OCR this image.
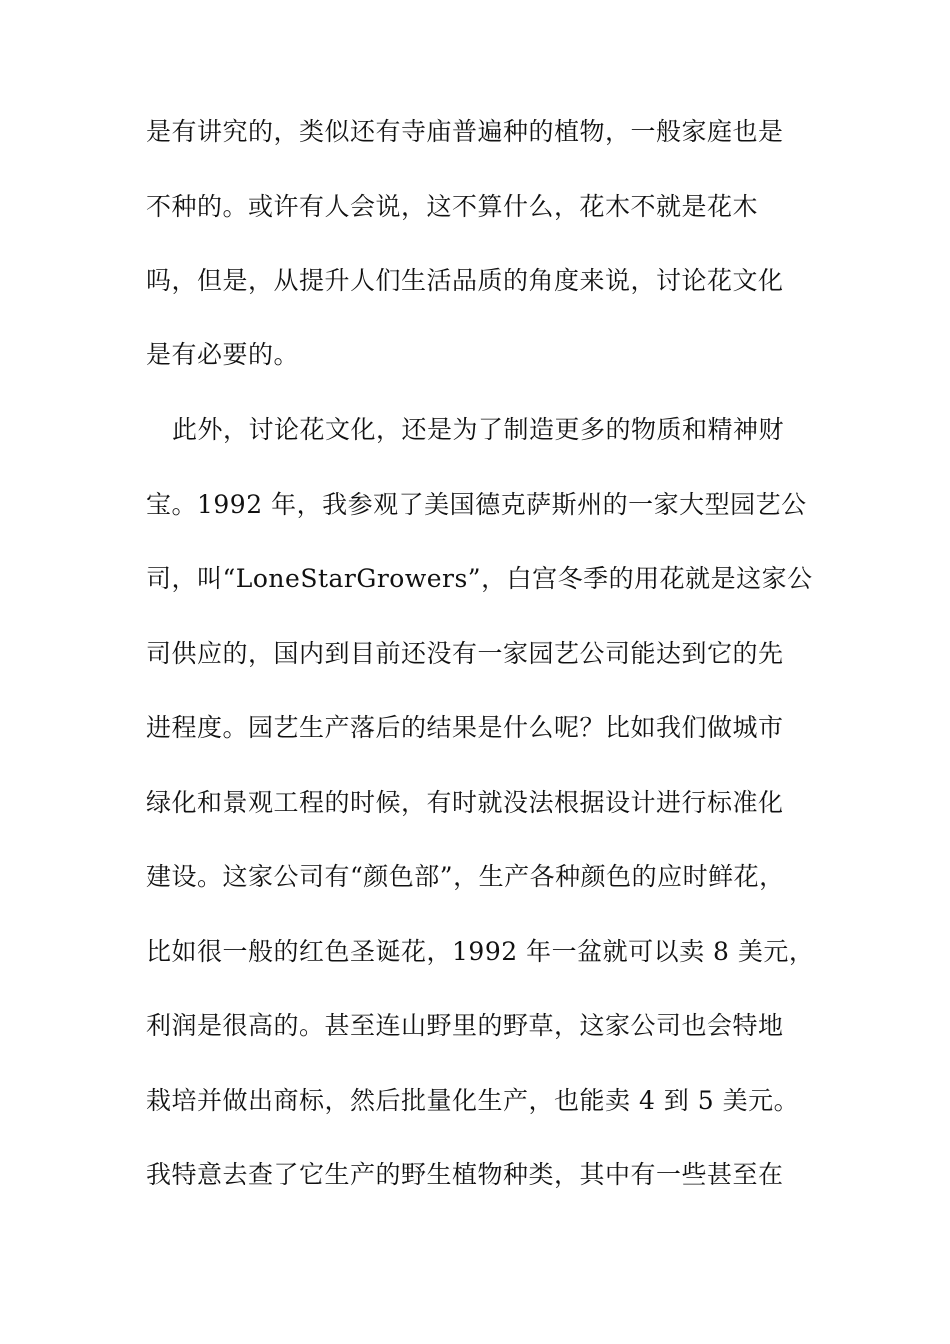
是有讲究的，类似还有寺庙普遍种的植物，一般家庭也是
不种的。或许有人会说，这不算什么，花木不就是花木
吗，但是，从提升人们生活品质的角度来说，讨论花文化
是有必要的。
此外，讨论花文化，还是为了制造更多的物质和精神财
宝。1992 年，我参观了美国德克萨斯州的一家大型园艺公
司，叫“LoneStarGrowers”，白宫冬季的用花就是这家公
司供应的，国内到目前还没有一家园艺公司能达到它的先
进程度。园艺生产落后的结果是什么呢？比如我们做城市
绿化和景观工程的时候，有时就没法根据设计进行标准化
建设。这家公司有“颜色部”，生产各种颜色的应时鲜花，
比如很一般的红色圣诞花，1992 年一盆就可以卖 8 美元，
利润是很高的。甚至连山野里的野草，这家公司也会特地
栽培并做出商标，然后批量化生产，也能卖 4 到 5 美元。
我特意去查了它生产的野生植物种类，其中有一些甚至在
